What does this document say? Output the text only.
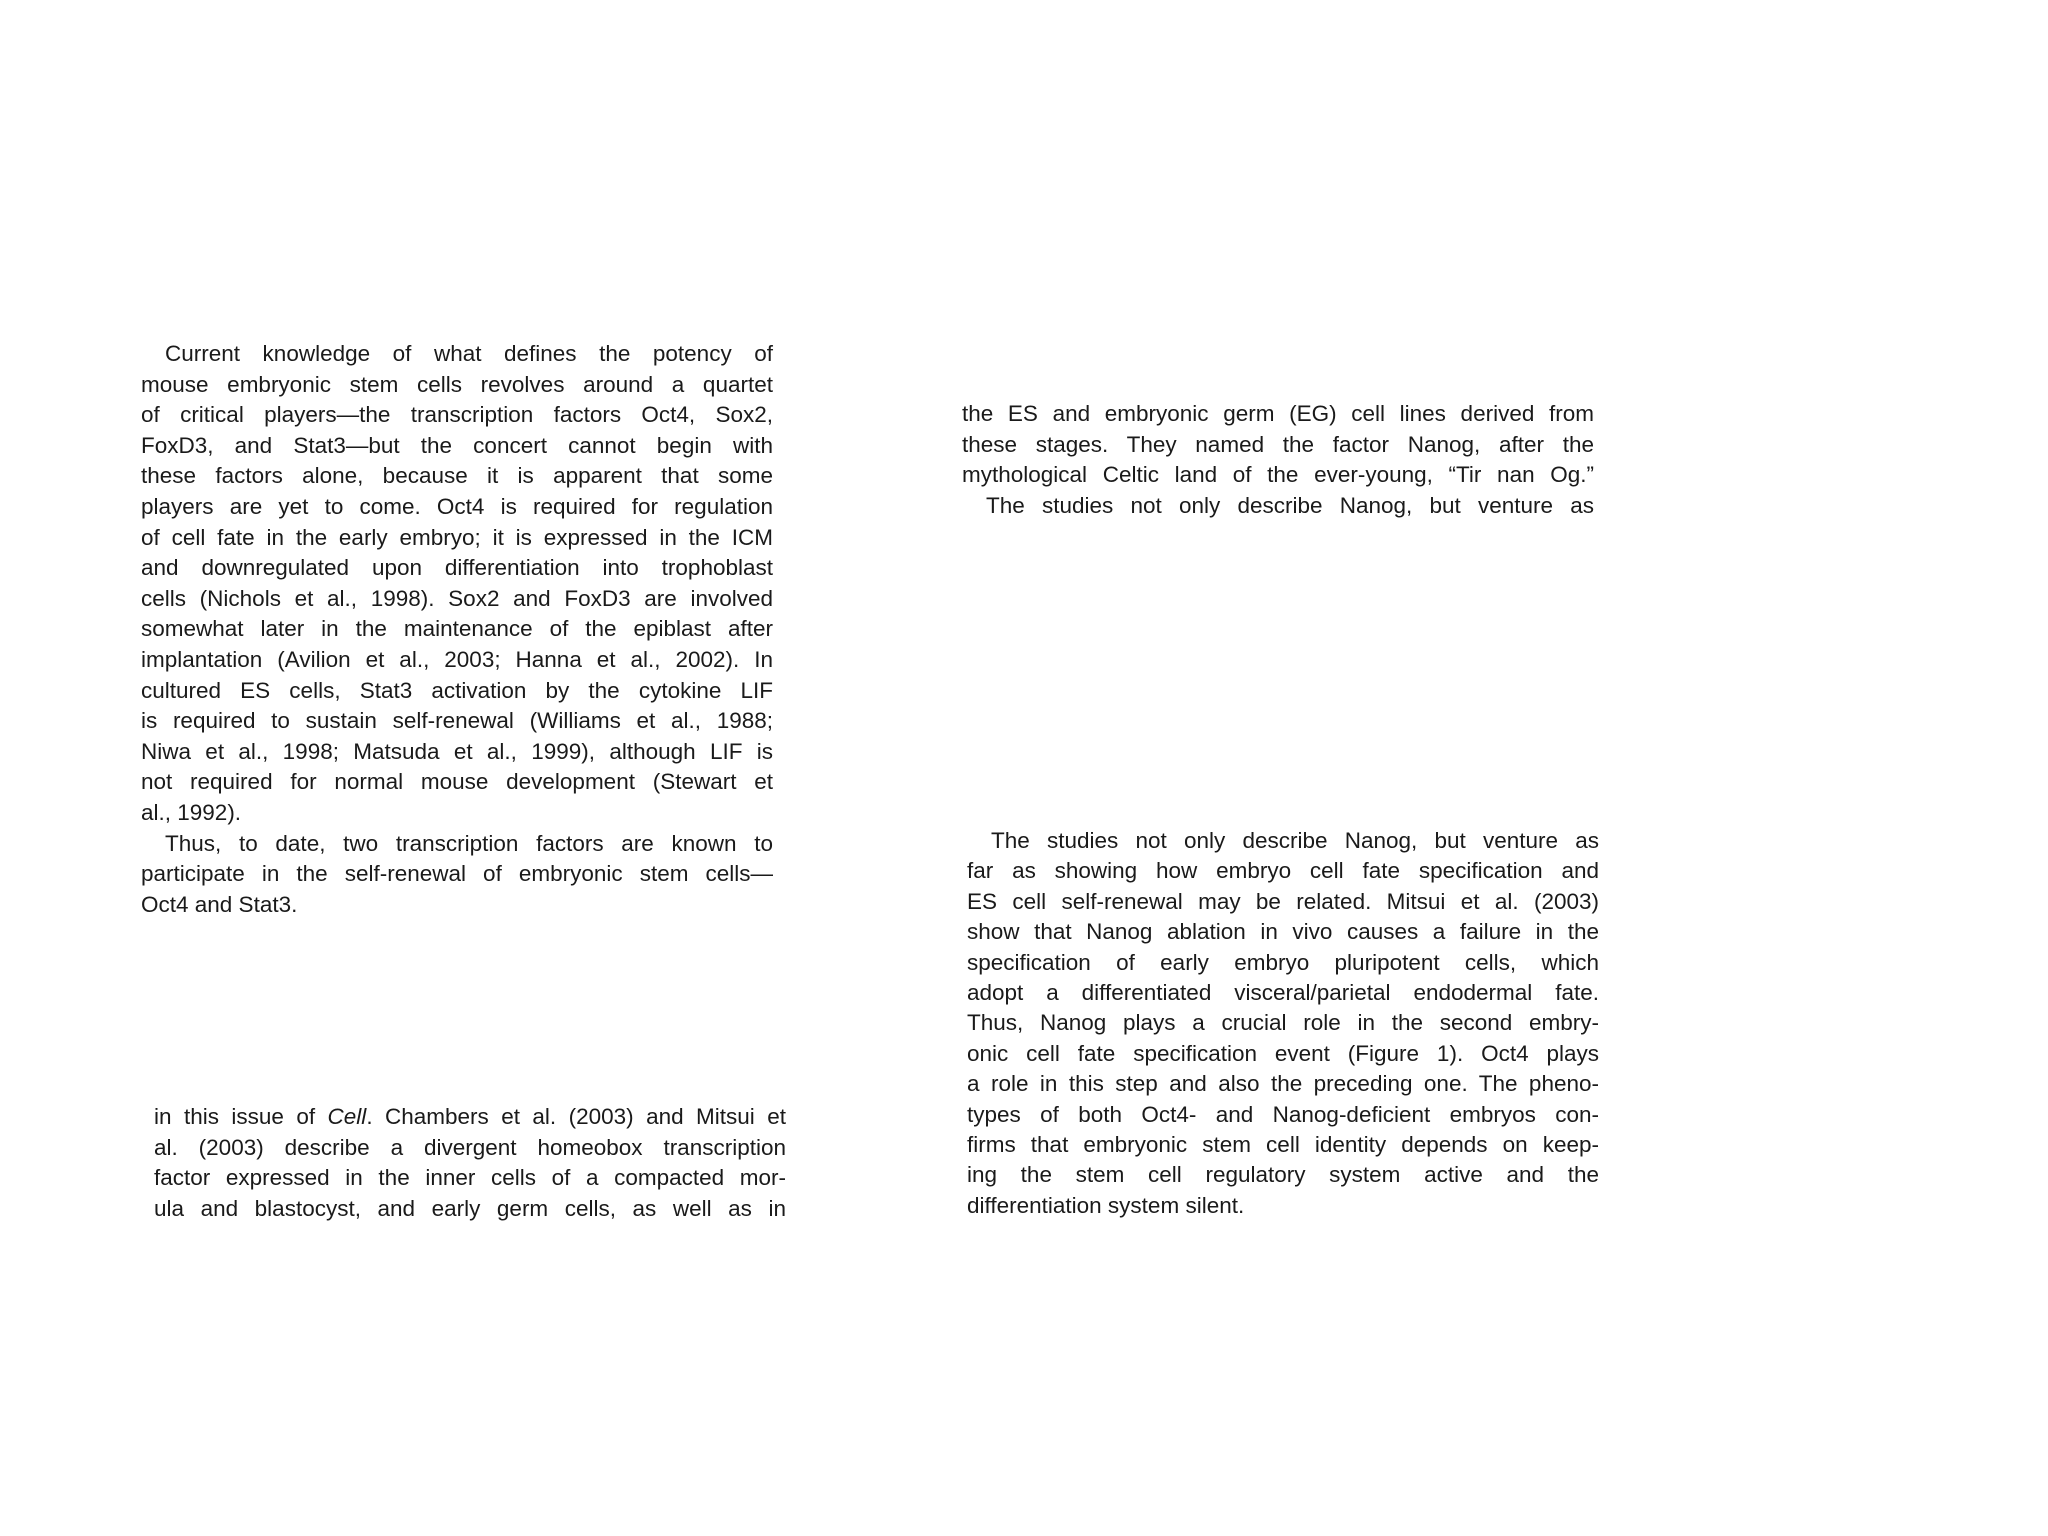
Current knowledge of what defines the potency of
mouse embryonic stem cells revolves around a quartet
of critical players—the transcription factors Oct4, Sox2,
FoxD3, and Stat3—but the concert cannot begin with
these factors alone, because it is apparent that some
players are yet to come. Oct4 is required for regulation
of cell fate in the early embryo; it is expressed in the ICM
and downregulated upon differentiation into trophoblast
cells (Nichols et al., 1998). Sox2 and FoxD3 are involved
somewhat later in the maintenance of the epiblast after
implantation (Avilion et al., 2003; Hanna et al., 2002). In
cultured ES cells, Stat3 activation by the cytokine LIF
is required to sustain self-renewal (Williams et al., 1988;
Niwa et al., 1998; Matsuda et al., 1999), although LIF is
not required for normal mouse development (Stewart et
al., 1992).
Thus, to date, two transcription factors are known to
participate in the self-renewal of embryonic stem cells—
Oct4 and Stat3.
the ES and embryonic germ (EG) cell lines derived from
these stages. They named the factor Nanog, after the
mythological Celtic land of the ever-young, “Tir nan Og.”
The studies not only describe Nanog, but venture as
in this issue of Cell. Chambers et al. (2003) and Mitsui et
al. (2003) describe a divergent homeobox transcription
factor expressed in the inner cells of a compacted mor-
ula and blastocyst, and early germ cells, as well as in
The studies not only describe Nanog, but venture as
far as showing how embryo cell fate specification and
ES cell self-renewal may be related. Mitsui et al. (2003)
show that Nanog ablation in vivo causes a failure in the
specification of early embryo pluripotent cells, which
adopt a differentiated visceral/parietal endodermal fate.
Thus, Nanog plays a crucial role in the second embry-
onic cell fate specification event (Figure 1). Oct4 plays
a role in this step and also the preceding one. The pheno-
types of both Oct4- and Nanog-deficient embryos con-
firms that embryonic stem cell identity depends on keep-
ing the stem cell regulatory system active and the
differentiation system silent.
